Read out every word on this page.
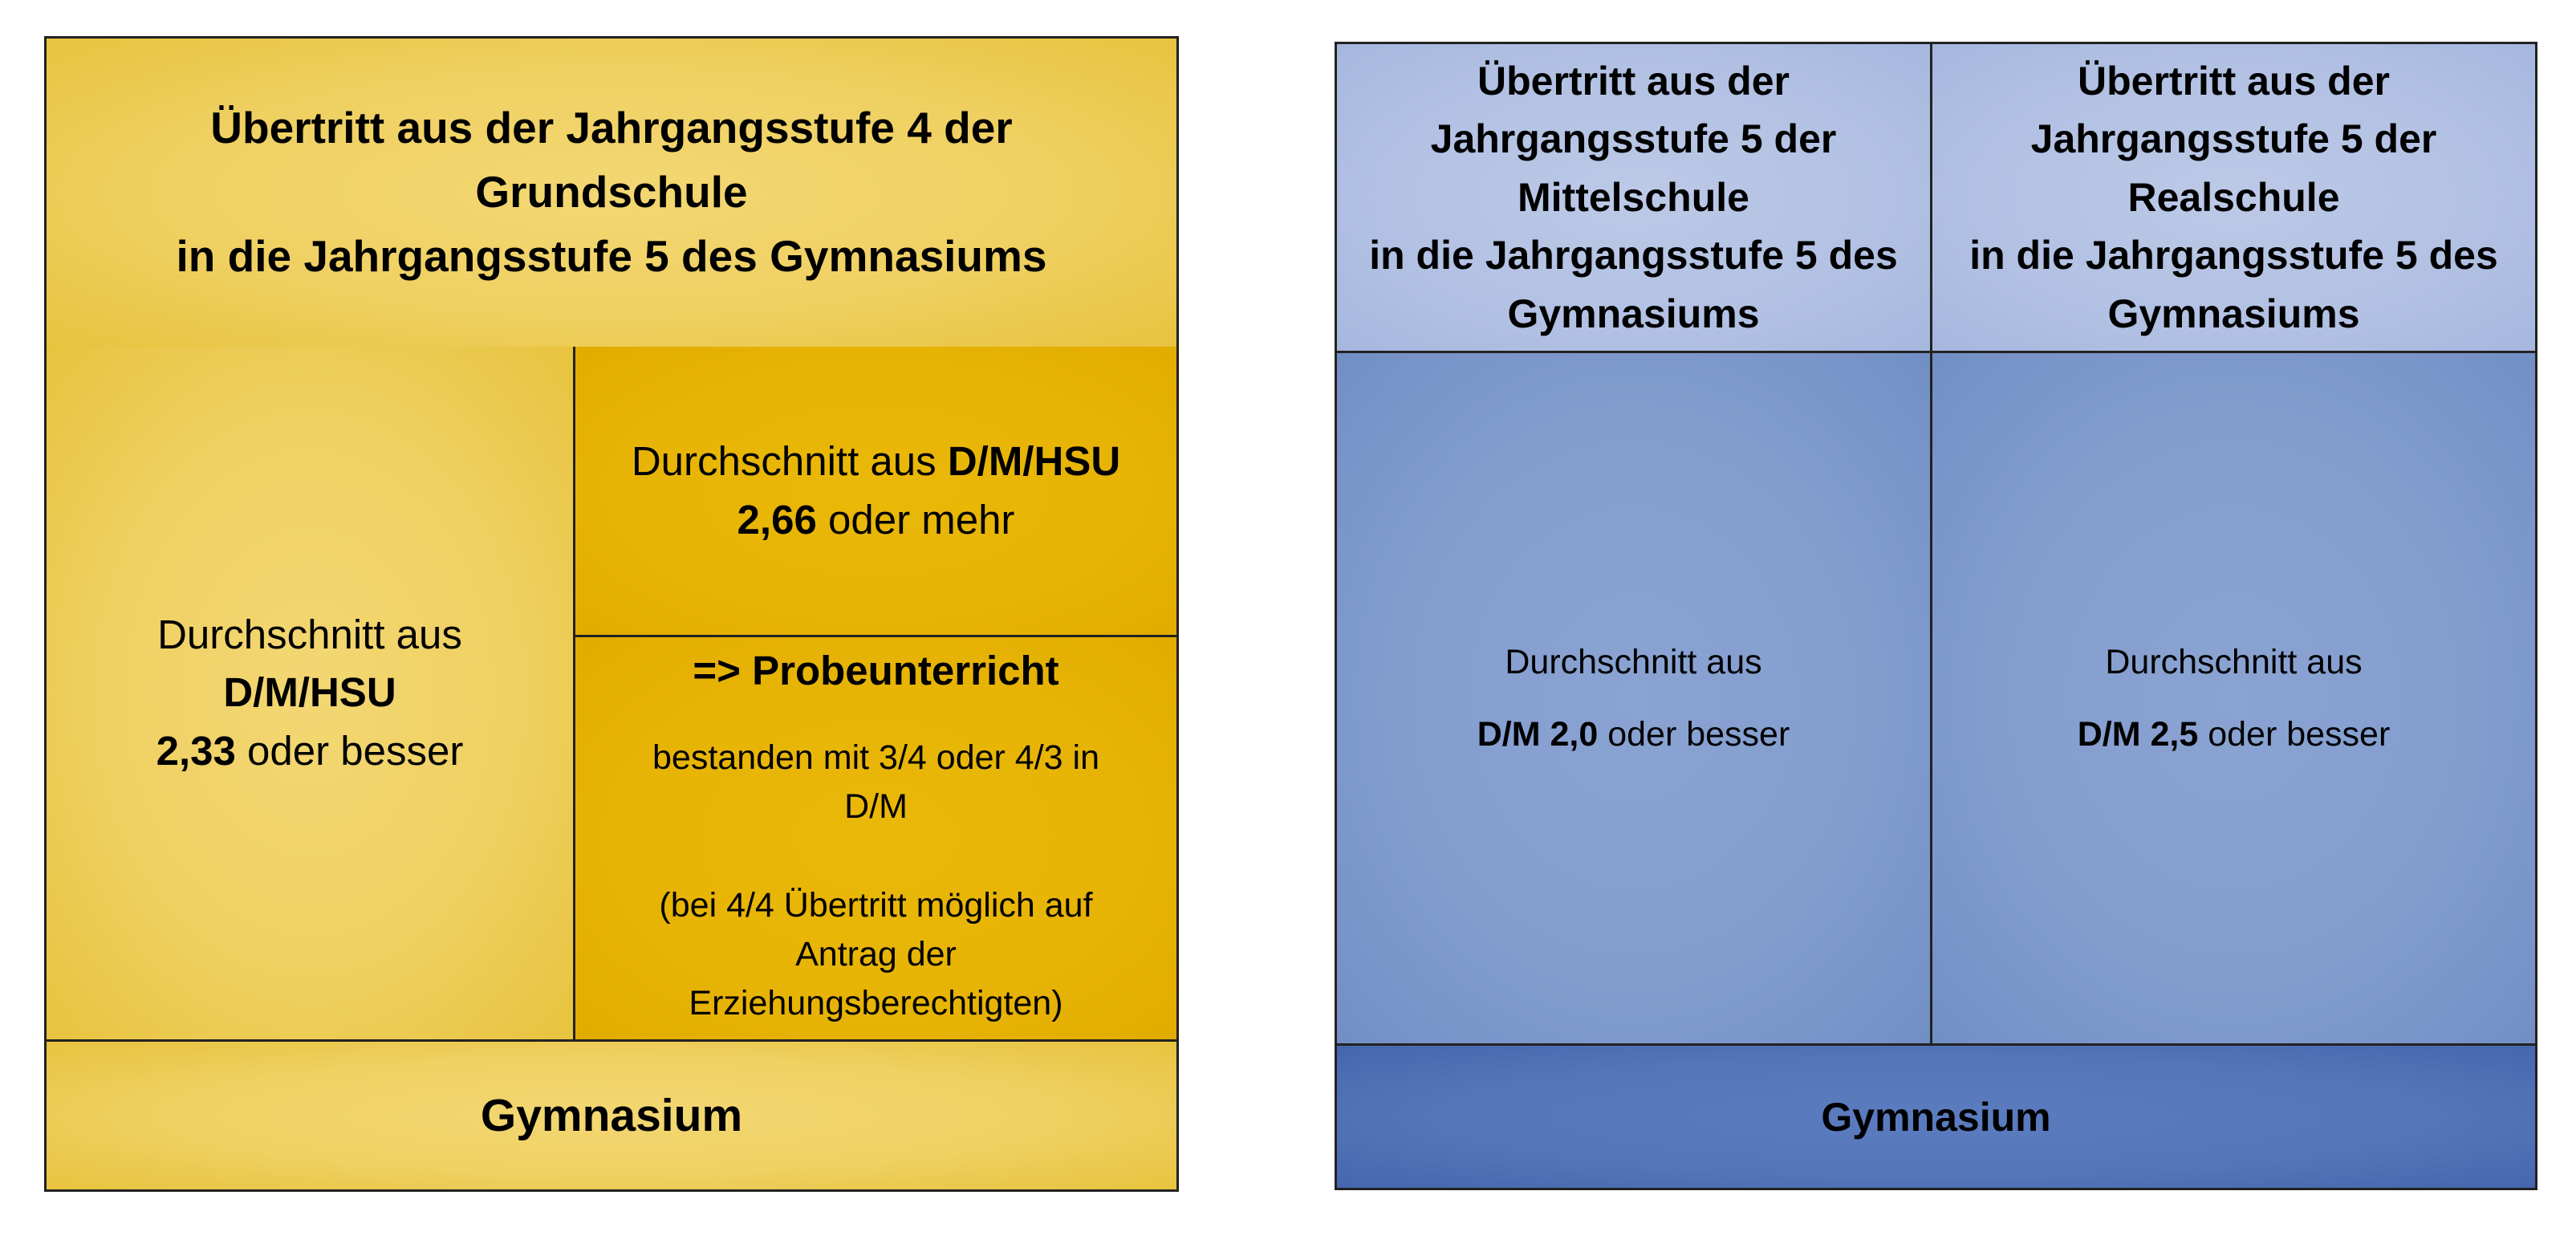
Übertritt aus der Jahrgangsstufe 4 der
Grundschule
in die Jahrgangsstufe 5 des Gymnasiums
Durchschnitt aus
D/M/HSU
2,33 oder besser
Durchschnitt aus D/M/HSU
2,66 oder mehr
=> Probeunterricht
bestanden mit 3/4 oder 4/3 in
D/M
(bei 4/4 Übertritt möglich auf
Antrag der
Erziehungsberechtigten)
Gymnasium
Übertritt aus der
Jahrgangsstufe 5 der
Mittelschule
in die Jahrgangsstufe 5 des
Gymnasiums
Übertritt aus der
Jahrgangsstufe 5 der
Realschule
in die Jahrgangsstufe 5 des
Gymnasiums
Durchschnitt aus
D/M 2,0 oder besser
Durchschnitt aus
D/M 2,5 oder besser
Gymnasium
